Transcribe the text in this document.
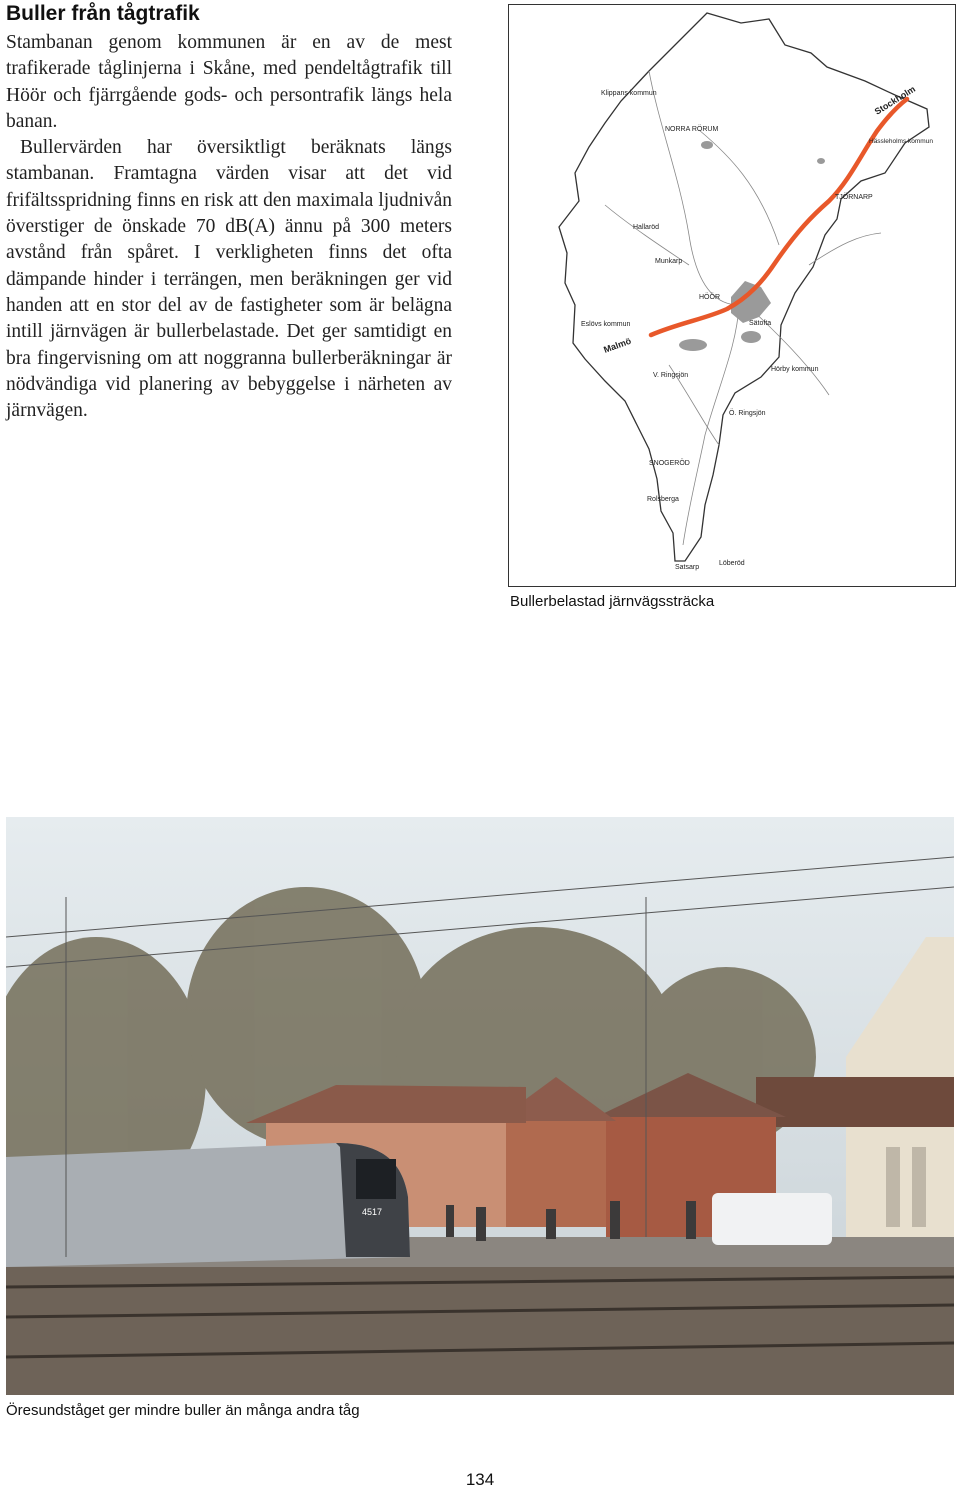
Buller från tågtrafik

Stambanan genom kommunen är en av de mest trafikerade tåglinjerna i Skåne, med pendeltågtrafik till Höör och fjärrgående gods- och persontrafik längs hela banan.

Bullervärden har översiktligt beräknats längs stambanan. Framtagna värden visar att det vid frifältsspridning finns en risk att den maximala ljudnivån överstiger de önskade 70 dB(A) ännu på 300 meters avstånd från spåret. I verkligheten finns det ofta dämpande hinder i terrängen, men beräkningen ger vid handen att en stor del av de fastigheter som är belägna intill järnvägen är bullerbelastade. Det ger samtidigt en bra fingervisning om att noggranna bullerberäkningar är nödvändiga vid planering av bebyggelse i närheten av järnvägen.

Klippans kommun
NORRA RÖRUM
Stockholm
Hässleholms kommun
TJÖRNARP
Hallaröd
Munkarp
HÖÖR
Eslövs kommun	Sätofta
Malmö
V. Ringsjön
Hörby kommun
Ö. Ringsjön
SNOGERÖD
Rolsberga
Satsarp
Löberöd
Bullerbelastad järnvägssträcka
4517
Öresundståget ger mindre buller än många andra tåg
134
